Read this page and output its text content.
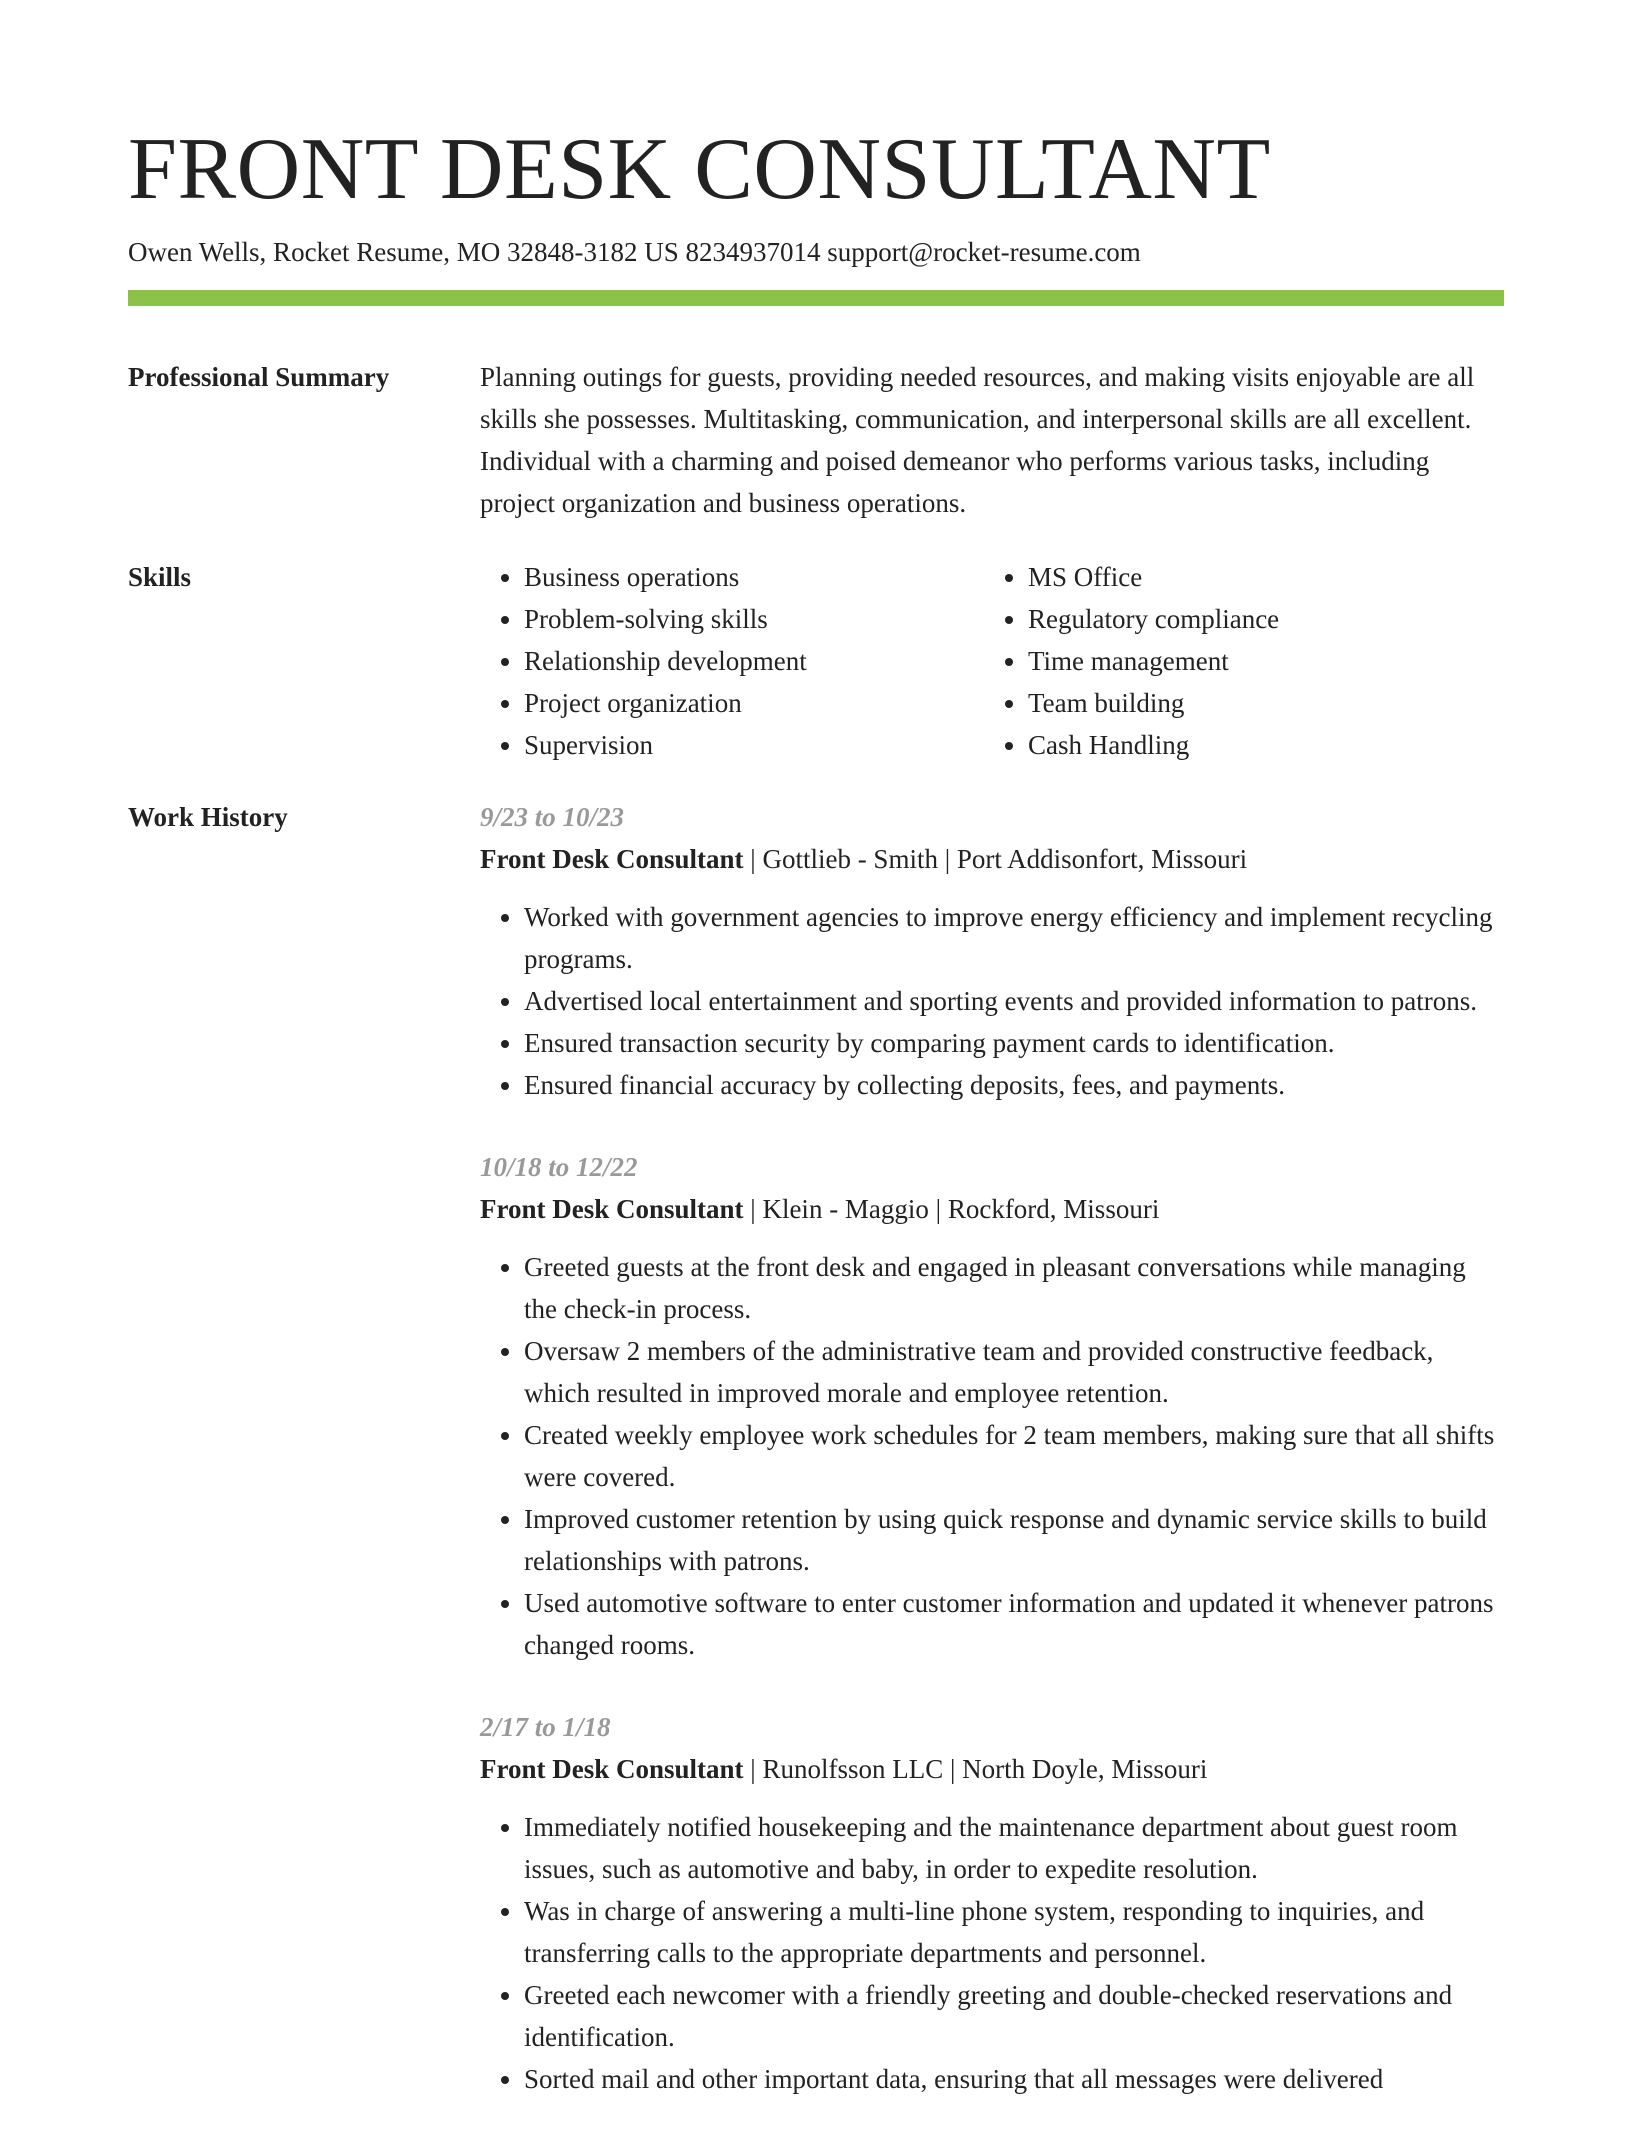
FRONT DESK CONSULTANT
Owen Wells, Rocket Resume, MO 32848-3182 US 8234937014 support@rocket-resume.com
Professional Summary	Planning outings for guests, providing needed resources, and making visits enjoyable are all skills she possesses. Multitasking, communication, and interpersonal skills are all excellent. Individual with a charming and poised demeanor who performs various tasks, including project organization and business operations.

Skills
•	Business operations
• Problem-solving skills
• Relationship development
• Project organization
• Supervision
• MS Office
• Regulatory compliance
• Time management
• Team building
• Cash Handling
Work History	9/23 to 10/23
Front Desk Consultant | Gottlieb - Smith | Port Addisonfort, Missouri
• Worked with government agencies to improve energy efficiency and implement recycling programs.
• Advertised local entertainment and sporting events and provided information to patrons.
• Ensured transaction security by comparing payment cards to identification.
• Ensured financial accuracy by collecting deposits, fees, and payments.
10/18 to 12/22
Front Desk Consultant | Klein - Maggio | Rockford, Missouri
• Greeted guests at the front desk and engaged in pleasant conversations while managing the check-in process.
• Oversaw 2 members of the administrative team and provided constructive feedback, which resulted in improved morale and employee retention.
• Created weekly employee work schedules for 2 team members, making sure that all shifts were covered.
• Improved customer retention by using quick response and dynamic service skills to build relationships with patrons.
• Used automotive software to enter customer information and updated it whenever patrons changed rooms.
2/17 to 1/18
Front Desk Consultant | Runolfsson LLC | North Doyle, Missouri
• Immediately notified housekeeping and the maintenance department about guest room issues, such as automotive and baby, in order to expedite resolution.
• Was in charge of answering a multi-line phone system, responding to inquiries, and transferring calls to the appropriate departments and personnel.
• Greeted each newcomer with a friendly greeting and double-checked reservations and identification.
• Sorted mail and other important data, ensuring that all messages were delivered
